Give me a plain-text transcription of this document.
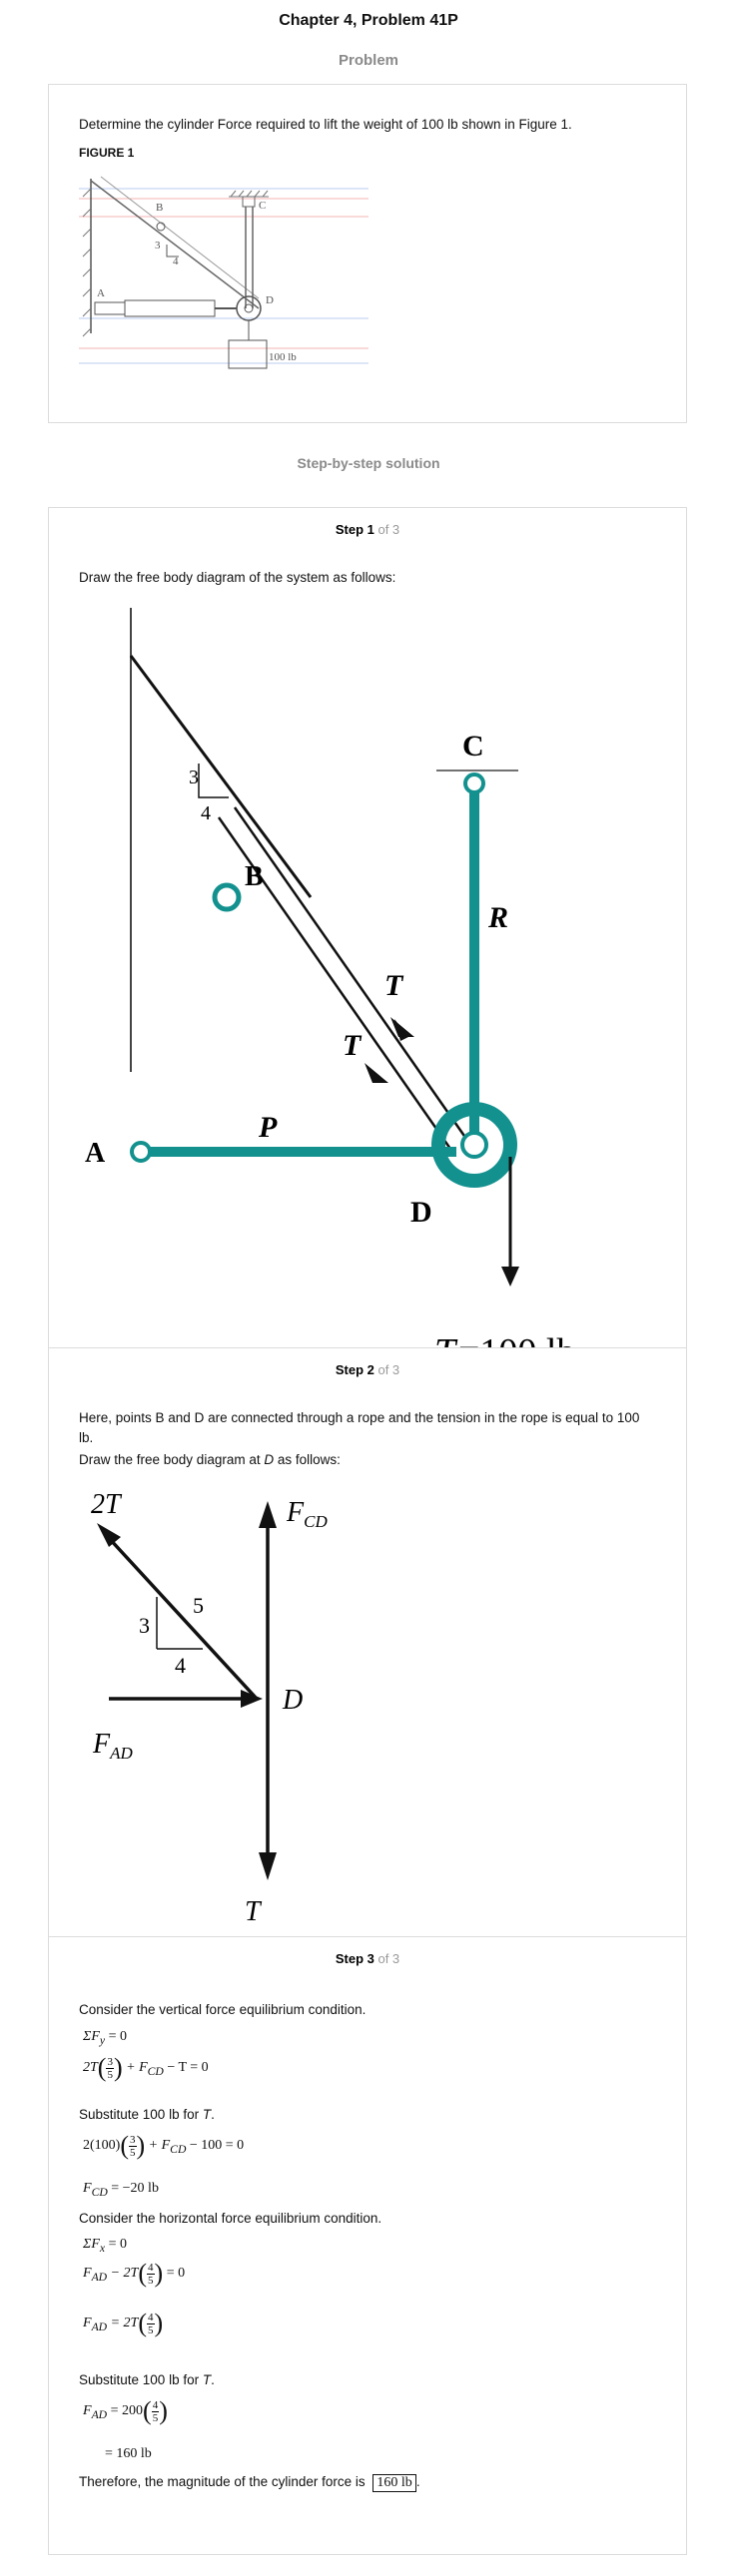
Chapter 4, Problem 41P
Problem
Determine the cylinder Force required to lift the weight of 100 lb shown in Figure 1.
FIGURE 1
B
3
4
C
D
A
100 lb
Step-by-step solution
Step 1 of 3
Draw the free body diagram of the system as follows:
3
4
B
C
R
A
P
D
T
T
Step 2 of 3
Here, points B and D are connected through a rope and the tension in the rope is equal to 100 lb.
Draw the free body diagram at D as follows:
2T
3
4
5
$F_{CD}$
$F_{AD}$
D
T
Step 3 of 3
Consider the vertical force equilibrium condition.
$\Sigma F_y = 0$
$2T( \frac{3}{5}$ ) + $F_{CD} - T = 0$
Substitute 100 lb for T.
$2(100)( \frac{3}{5}$ ) + $F_{CD} - 100 = 0$
$F_{CD} = -20$ lb
Consider the horizontal force equilibrium condition.
$\Sigma F_x = 0$
$F_{AD} - 2T( \frac{4}{5}$ ) = 0
$F_{AD} = 2T( \frac{4}{5}$ )
Substitute 100 lb for T.
$F_{AD} = 200( \frac{4}{5}$ )
= 160 lb
Therefore, the magnitude of the cylinder force is 160 lb .
